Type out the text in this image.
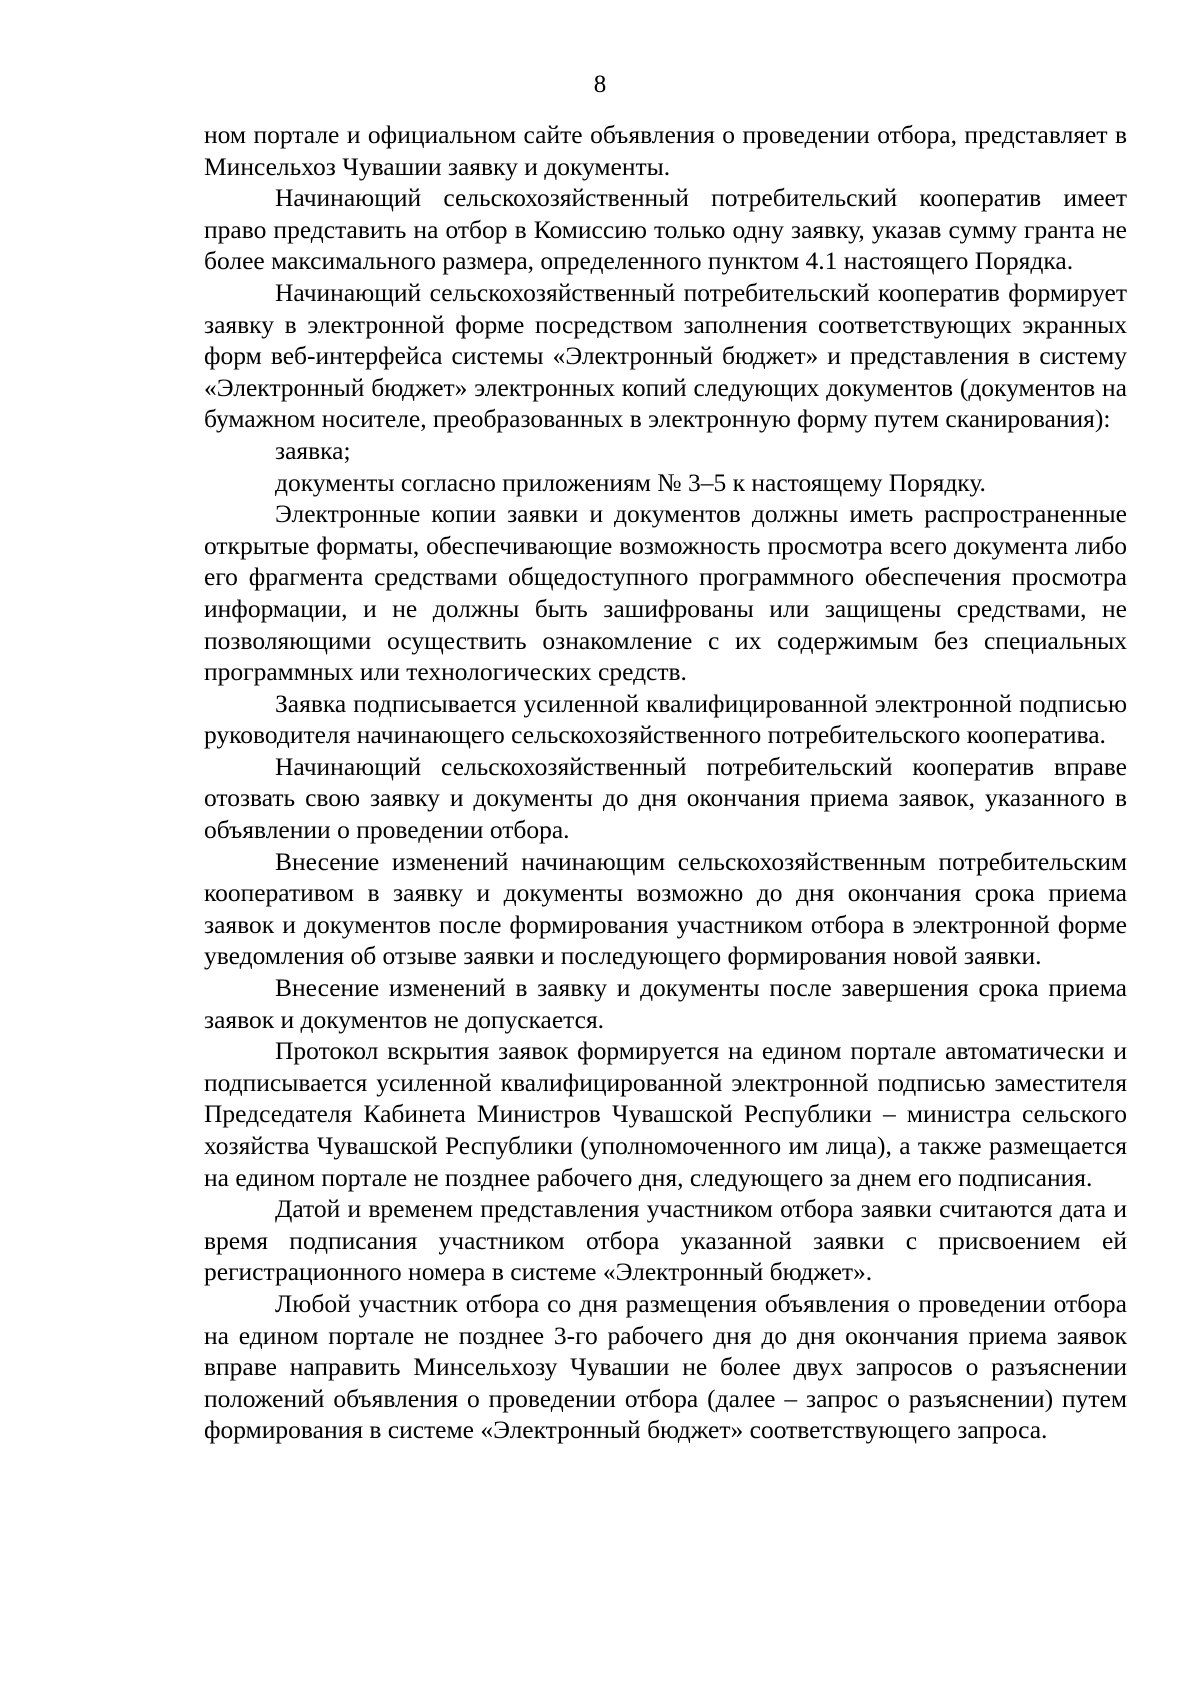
8

ном портале и официальном сайте объявления о проведении отбора, представляет в Минсельхоз Чувашии заявку и документы.

Начинающий сельскохозяйственный потребительский кооператив имеет право представить на отбор в Комиссию только одну заявку, указав сумму гранта не более максимального размера, определенного пунктом 4.1 настоящего Порядка.

Начинающий сельскохозяйственный потребительский кооператив формирует заявку в электронной форме посредством заполнения соответствующих экранных форм веб-интерфейса системы «Электронный бюджет» и представления в систему «Электронный бюджет» электронных копий следующих документов (документов на бумажном носителе, преобразованных в электронную форму путем сканирования):

заявка;

документы согласно приложениям № 3–5 к настоящему Порядку.

Электронные копии заявки и документов должны иметь распространенные открытые форматы, обеспечивающие возможность просмотра всего документа либо его фрагмента средствами общедоступного программного обеспечения просмотра информации, и не должны быть зашифрованы или защищены средствами, не позволяющими осуществить ознакомление с их содержимым без специальных программных или технологических средств.

Заявка подписывается усиленной квалифицированной электронной подписью руководителя начинающего сельскохозяйственного потребительского кооператива.

Начинающий сельскохозяйственный потребительский кооператив вправе отозвать свою заявку и документы до дня окончания приема заявок, указанного в объявлении о проведении отбора.

Внесение изменений начинающим сельскохозяйственным потребительским кооперативом в заявку и документы возможно до дня окончания срока приема заявок и документов после формирования участником отбора в электронной форме уведомления об отзыве заявки и последующего формирования новой заявки.

Внесение изменений в заявку и документы после завершения срока приема заявок и документов не допускается.

Протокол вскрытия заявок формируется на едином портале автоматически и подписывается усиленной квалифицированной электронной подписью заместителя Председателя Кабинета Министров Чувашской Республики – министра сельского хозяйства Чувашской Республики (уполномоченного им лица), а также размещается на едином портале не позднее рабочего дня, следующего за днем его подписания.

Датой и временем представления участником отбора заявки считаются дата и время подписания участником отбора указанной заявки с присвоением ей регистрационного номера в системе «Электронный бюджет».

Любой участник отбора со дня размещения объявления о проведении отбора на едином портале не позднее 3-го рабочего дня до дня окончания приема заявок вправе направить Минсельхозу Чувашии не более двух запросов о разъяснении положений объявления о проведении отбора (далее – запрос о разъяснении) путем формирования в системе «Электронный бюджет» соответствующего запроса.
